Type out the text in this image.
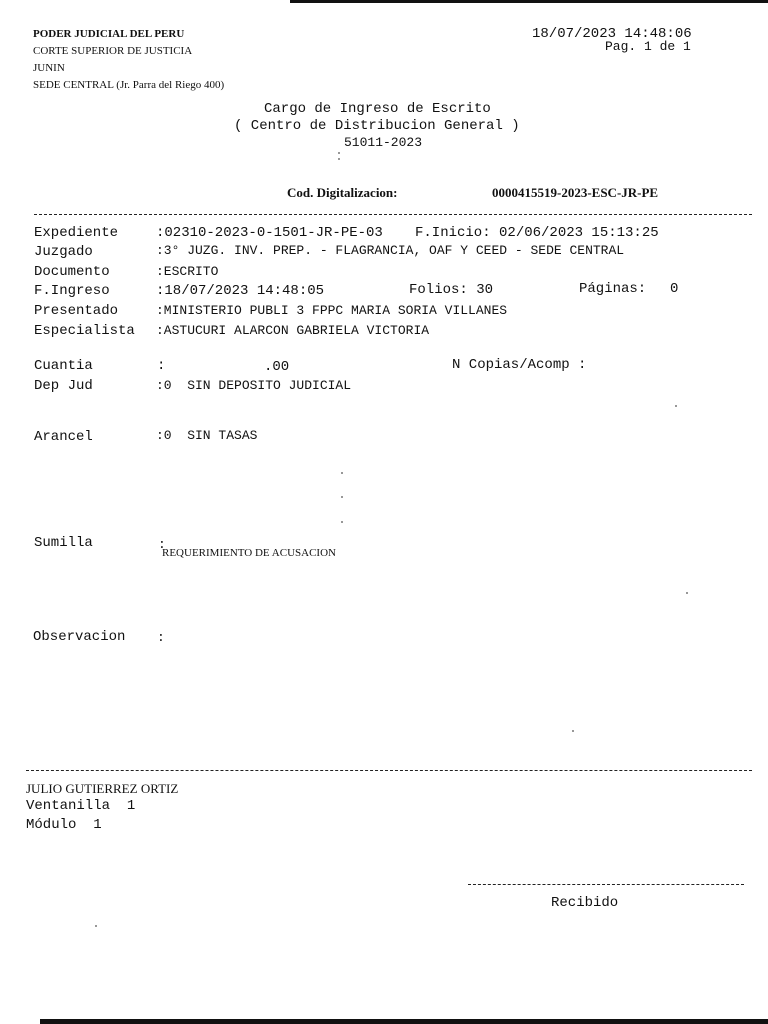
PODER JUDICIAL DEL PERU
CORTE SUPERIOR DE JUSTICIA
JUNIN
SEDE CENTRAL (Jr. Parra del Riego 400)
18/07/2023 14:48:06
Pag. 1 de 1
Cargo de Ingreso de Escrito
( Centro de Distribucion General )
51011-2023
Cod. Digitalizacion:	0000415519-2023-ESC-JR-PE
Expediente	:02310-2023-0-1501-JR-PE-03 F.Inicio: 02/06/2023 15:13:25
Juzgado	:3° JUZG. INV. PREP. - FLAGRANCIA, OAF Y CEED - SEDE CENTRAL
Documento	:ESCRITO
F.Ingreso	:18/07/2023 14:48:05	Folios: 30	Páginas: 0
Presentado	:MINISTERIO PUBLI 3 FPPC MARIA SORIA VILLANES
Especialista :ASTUCURI ALARCON GABRIELA VICTORIA
Cuantia	:	.00	N Copias/Acomp :
Dep Jud	:0  SIN DEPOSITO JUDICIAL
Arancel	:0  SIN TASAS
Sumilla	:
REQUERIMIENTO DE ACUSACION
Observacion :
JULIO GUTIERREZ ORTIZ
Ventanilla  1
Módulo  1
Recibido
